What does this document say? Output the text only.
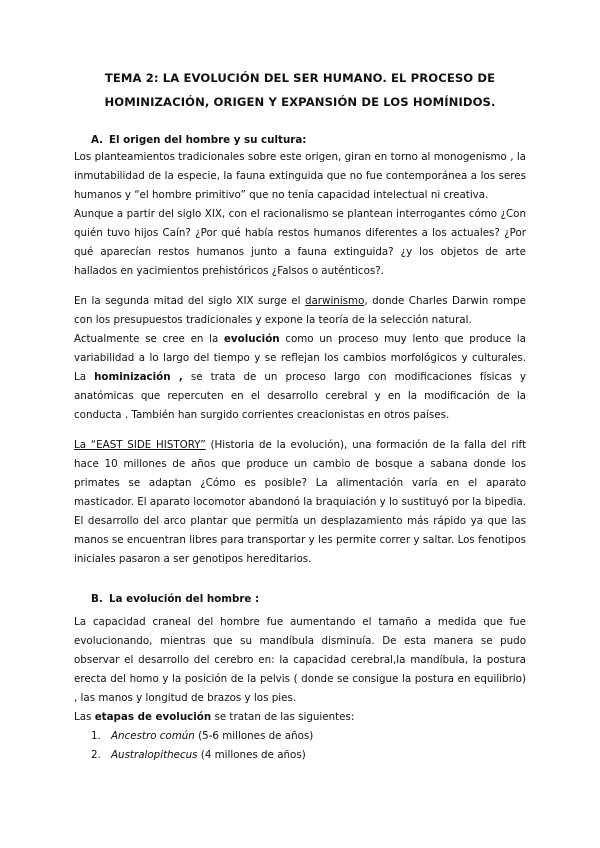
TEMA 2: LA EVOLUCIÓN DEL SER HUMANO. EL PROCESO DE
HOMINIZACIÓN, ORIGEN Y EXPANSIÓN DE LOS HOMÍNIDOS.
A. El origen del hombre y su cultura:

Los planteamientos tradicionales sobre este origen, giran en torno al monogenismo , la inmutabilidad de la especie, la fauna extinguida que no fue contemporánea a los seres humanos y “el hombre primitivo” que no tenía capacidad intelectual ni creativa.

Aunque a partir del siglo XIX, con el racionalismo se plantean interrogantes cómo ¿Con quién tuvo hijos Caín? ¿Por qué había restos humanos diferentes a los actuales? ¿Por qué aparecían restos humanos junto a fauna extinguida? ¿y los objetos de arte hallados en yacimientos prehistóricos ¿Falsos o auténticos?.

En la segunda mitad del siglo XIX surge el darwinismo, donde Charles Darwin rompe con los presupuestos tradicionales y expone la teoría de la selección natural.

Actualmente se cree en la evolución como un proceso muy lento que produce la variabilidad a lo largo del tiempo y se reflejan los cambios morfológicos y culturales. La hominización , se trata de un proceso largo con modificaciones físicas y anatómicas que repercuten en el desarrollo cerebral y en la modificación de la conducta . También han surgido corrientes creacionistas en otros países.

La “EAST SIDE HISTORY” (Historia de la evolución), una formación de la falla del rift hace 10 millones de años que produce un cambio de bosque a sabana donde los primates se adaptan ¿Cómo es posible? La alimentación varía en el aparato masticador. El aparato locomotor abandonó la braquiación y lo sustituyó por la bipedia. El desarrollo del arco plantar que permitía un desplazamiento más rápido ya que las manos se encuentran libres para transportar y les permite correr y saltar. Los fenotipos iniciales pasaron a ser genotipos hereditarios.

B. La evolución del hombre :

La capacidad craneal del hombre fue aumentando el tamaño a medida que fue evolucionando, mientras que su mandíbula disminuía. De esta manera se pudo observar el desarrollo del cerebro en: la capacidad cerebral,la mandíbula, la postura erecta del homo y la posición de la pelvis ( donde se consigue la postura en equilibrio) , las manos y longitud de brazos y los pies.

Las etapas de evolución se tratan de las siguientes:

1. Ancestro común (5-6 millones de años)
2. Australopithecus (4 millones de años)
